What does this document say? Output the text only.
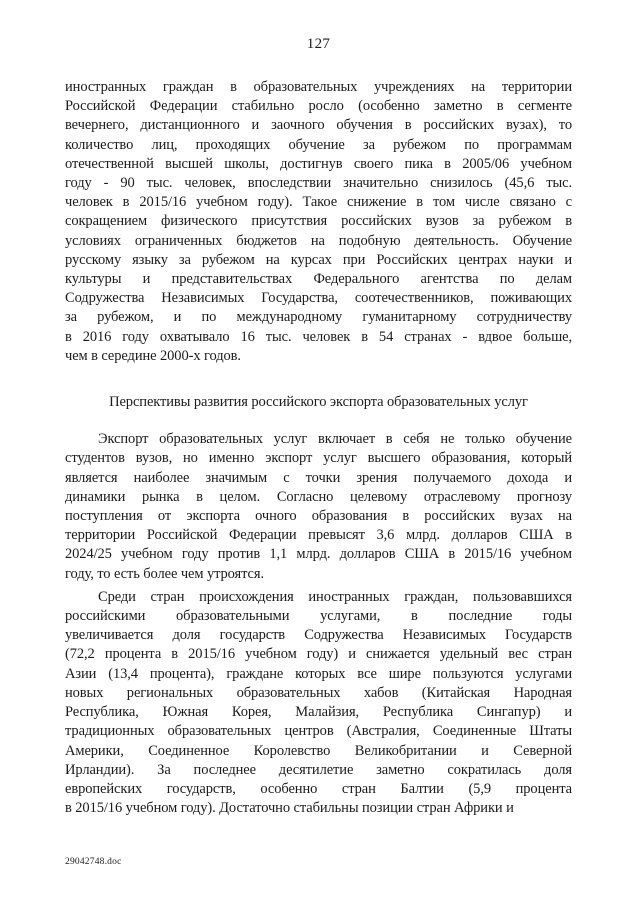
127
иностранных граждан в образовательных учреждениях на территории
Российской Федерации стабильно росло (особенно заметно в сегменте
вечернего, дистанционного и заочного обучения в российских вузах), то
количество лиц, проходящих обучение за рубежом по программам
отечественной высшей школы, достигнув своего пика в 2005/06 учебном
году - 90 тыс. человек, впоследствии значительно снизилось (45,6 тыс.
человек в 2015/16 учебном году). Такое снижение в том числе связано с
сокращением физического присутствия российских вузов за рубежом в
условиях ограниченных бюджетов на подобную деятельность. Обучение
русскому языку за рубежом на курсах при Российских центрах науки и
культуры и представительствах Федерального агентства по делам
Содружества Независимых Государства, соотечественников, поживающих
за рубежом, и по международному гуманитарному сотрудничеству
в 2016 году охватывало 16 тыс. человек в 54 странах - вдвое больше,
чем в середине 2000-х годов.
Перспективы развития российского экспорта образовательных услуг
Экспорт образовательных услуг включает в себя не только обучение
студентов вузов, но именно экспорт услуг высшего образования, который
является наиболее значимым с точки зрения получаемого дохода и
динамики рынка в целом. Согласно целевому отраслевому прогнозу
поступления от экспорта очного образования в российских вузах на
территории Российской Федерации превысят 3,6 млрд. долларов США в
2024/25 учебном году против 1,1 млрд. долларов США в 2015/16 учебном
году, то есть более чем утроятся.
Среди стран происхождения иностранных граждан, пользовавшихся
российскими образовательными услугами, в последние годы
увеличивается доля государств Содружества Независимых Государств
(72,2 процента в 2015/16 учебном году) и снижается удельный вес стран
Азии (13,4 процента), граждане которых все шире пользуются услугами
новых региональных образовательных хабов (Китайская Народная
Республика, Южная Корея, Малайзия, Республика Сингапур) и
традиционных образовательных центров (Австралия, Соединенные Штаты
Америки, Соединенное Королевство Великобритании и Северной
Ирландии). За последнее десятилетие заметно сократилась доля
европейских государств, особенно стран Балтии (5,9 процента
в 2015/16 учебном году). Достаточно стабильны позиции стран Африки и
29042748.doc
